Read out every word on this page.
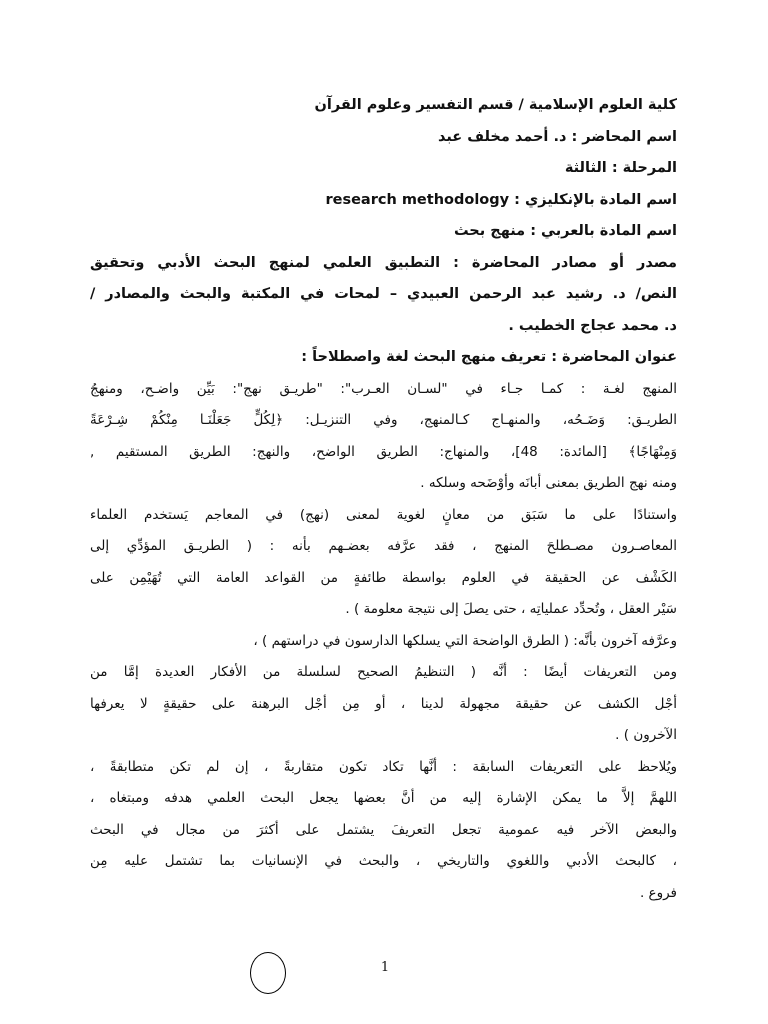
كلية العلوم الإسلامية / قسم التفسير وعلوم القرآن
اسم المحاضر : د. أحمد مخلف عبد
المرحلة : الثالثة
اسم المادة بالإنكليزي : research methodology
اسم المادة بالعربي : منهج بحث
مصدر أو مصادر المحاضرة : التطبيق العلمي لمنهج البحث الأدبي وتحقيق
النص/ د. رشيد عبد الرحمن العبيدي – لمحات في المكتبة والبحث والمصادر /
د. محمد عجاج الخطيب .
عنوان المحاضرة : تعريف منهج البحث لغة واصطلاحاً :
المنهج لغـة : كمـا جـاء في "لسـان العـرب": "طريـق نهج": بَيِّن واضـح، ومنهجُ
الطريـق: وَضَـحُه، والمنهـاج كـالمنهج، وفي التنزيـل: ﴿لِكُلٍّ جَعَلْنَـا مِنْكُمْ شِـرْعَةً
وَمِنْهَاجًا﴾ [المائدة: 48]، والمنهاج: الطريق الواضح، والنهج: الطريق المستقيم ,
ومنه نهج الطريق بمعنى أبانَه وأوْضَحه وسلكه .
واستنادًا على ما سَبَق من معانٍ لغوية لمعنى (نهج) في المعاجم يَستخدم العلماء
المعاصـرون مصـطلحَ المنهج ، فقد عرَّفه بعضـهم بأنه : ( الطريـق المؤدِّي إلى
الكَشْف عن الحقيقة في العلوم بواسطة طائفةٍ من القواعد العامة التي تُهَيْمِن على
سَيْر العقل ، وتُحدِّد عملياتِه ، حتى يصلَ إلى نتيجة معلومة ) .
وعرَّفه آخرون بأنَّه: ( الطرق الواضحة التي يسلكها الدارسون في دراستهم ) ،
ومن التعريفات أيضًا : أنَّه ( التنظيمُ الصحيح لسلسلة من الأفكار العديدة إمَّا من
أجْل الكشف عن حقيقة مجهولة لدينا ، أو مِن أجْل البرهنة على حقيقةٍ لا يعرفها
الآخرون ) .
ويُلاحظ على التعريفات السابقة : أنَّها تكاد تكون متقاربةً ، إن لم تكن متطابقةً ،
اللهمَّ إلاَّ ما يمكن الإشارة إليه من أنَّ بعضها يجعل البحث العلمي هدفه ومبتغاه ،
والبعض الآخر فيه عمومية تجعل التعريفَ يشتمل على أكثرَ من مجال في البحث
، كالبحث الأدبي واللغوي والتاريخي ، والبحث في الإنسانيات بما تشتمل عليه مِن
فروع .
1
